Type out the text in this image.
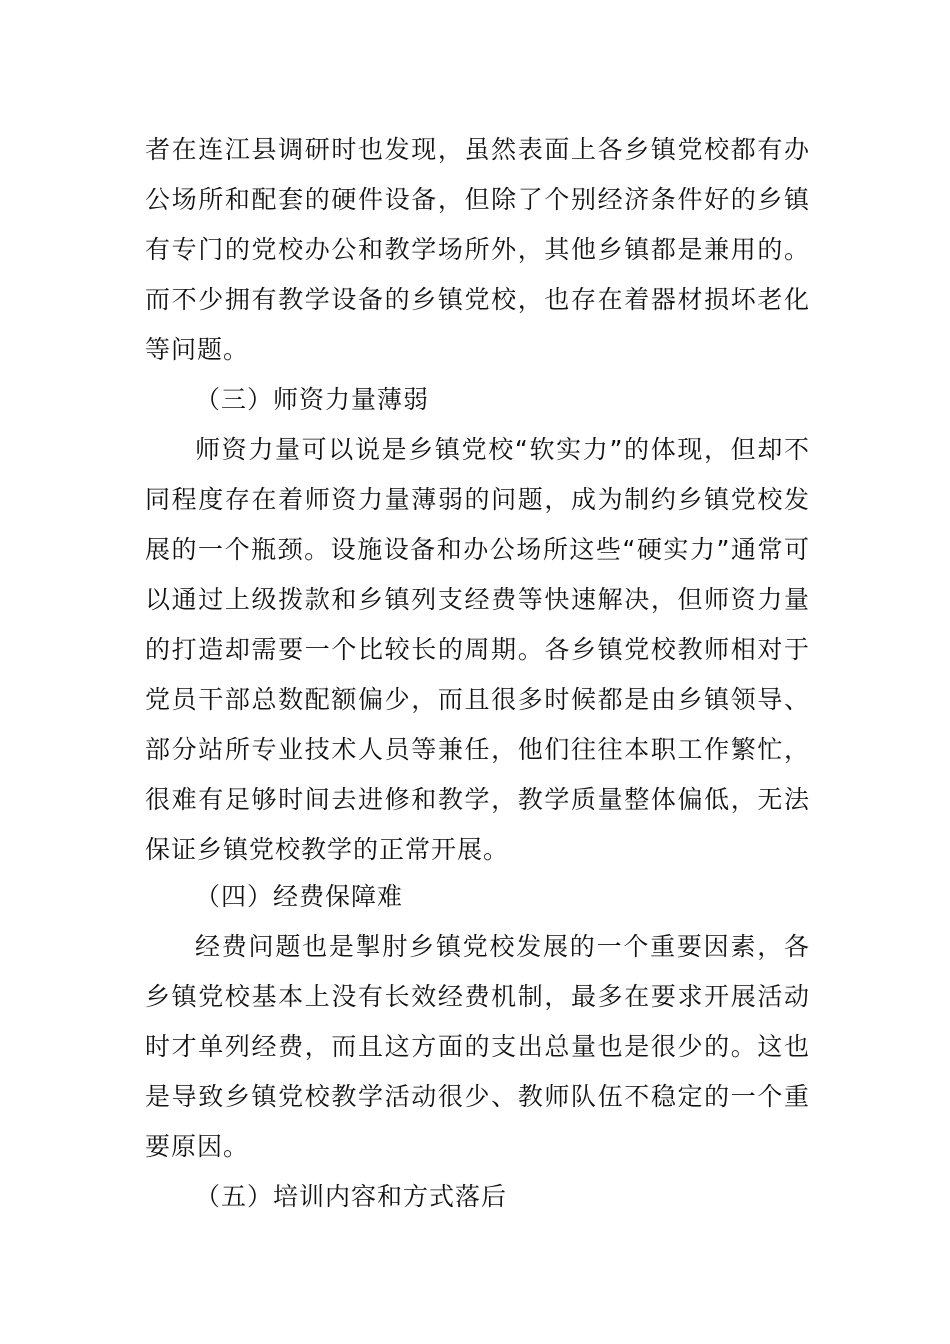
者在连江县调研时也发现，虽然表面上各乡镇党校都有办
公场所和配套的硬件设备，但除了个别经济条件好的乡镇
有专门的党校办公和教学场所外，其他乡镇都是兼用的。
而不少拥有教学设备的乡镇党校，也存在着器材损坏老化
等问题。
（三）师资力量薄弱
师资力量可以说是乡镇党校“软实力”的体现，但却不
同程度存在着师资力量薄弱的问题，成为制约乡镇党校发
展的一个瓶颈。设施设备和办公场所这些“硬实力”通常可
以通过上级拨款和乡镇列支经费等快速解决，但师资力量
的打造却需要一个比较长的周期。各乡镇党校教师相对于
党员干部总数配额偏少，而且很多时候都是由乡镇领导、
部分站所专业技术人员等兼任，他们往往本职工作繁忙，
很难有足够时间去进修和教学，教学质量整体偏低，无法
保证乡镇党校教学的正常开展。
（四）经费保障难
经费问题也是掣肘乡镇党校发展的一个重要因素，各
乡镇党校基本上没有长效经费机制，最多在要求开展活动
时才单列经费，而且这方面的支出总量也是很少的。这也
是导致乡镇党校教学活动很少、教师队伍不稳定的一个重
要原因。
（五）培训内容和方式落后
